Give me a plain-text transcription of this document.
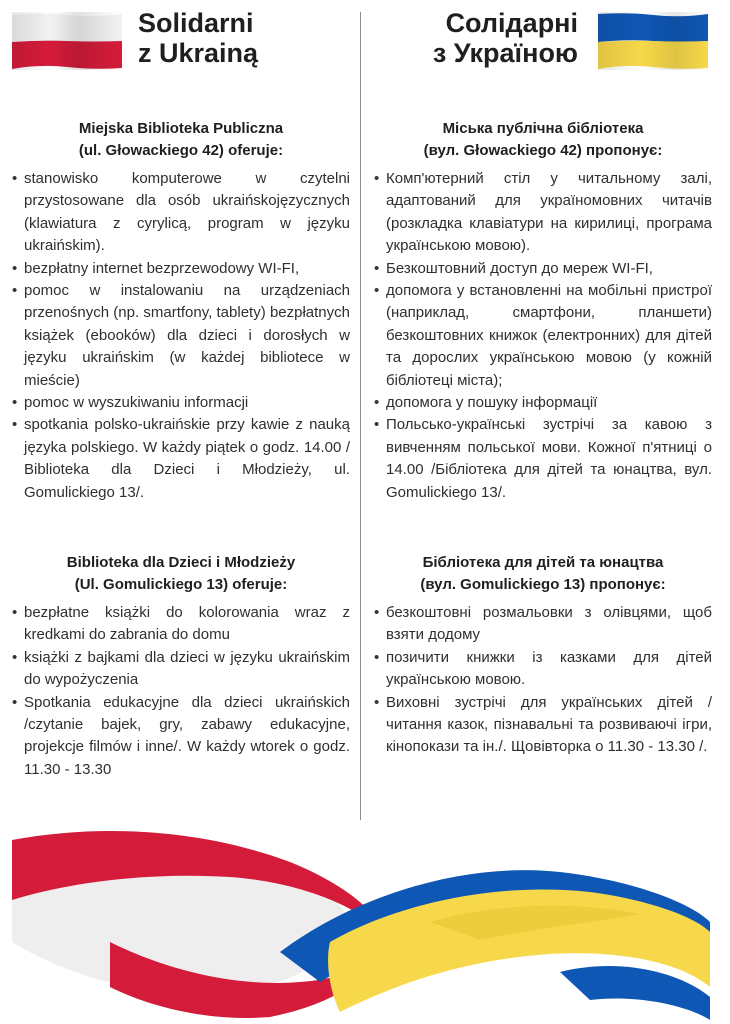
Solidarni
z Ukrainą
Солідарні
з Україною
Miejska Biblioteka Publiczna
(ul. Głowackiego 42) oferuje:
• stanowisko komputerowe w czytelni przystosowane dla osób ukraińskojęzycznych (klawiatura z cyrylicą, program w języku ukraińskim).
• bezpłatny internet bezprzewodowy WI-FI,
• pomoc w instalowaniu na urządzeniach przenośnych (np. smartfony, tablety) bezpłatnych książek (ebooków) dla dzieci i dorosłych w języku ukraińskim (w każdej bibliotece w mieście)
• pomoc w wyszukiwaniu informacji
• spotkania polsko-ukraińskie przy kawie z nauką języka polskiego. W każdy piątek o godz. 14.00 / Biblioteka dla Dzieci i Młodzieży, ul. Gomulickiego 13/.
Biblioteka dla Dzieci i Młodzieży
(Ul. Gomulickiego 13) oferuje:
• bezpłatne książki do kolorowania wraz z kredkami do zabrania do domu
• książki z bajkami dla dzieci w języku ukraińskim do wypożyczenia
• Spotkania edukacyjne dla dzieci ukraińskich /czytanie bajek, gry, zabawy edukacyjne, projekcje filmów i inne/. W każdy wtorek o godz. 11.30 - 13.30
Міська публічна бібліотека
(вул. Głowackiego 42) пропонує:
• Комп'ютерний стіл у читальному залі, адаптований для україномовних читачів (розкладка клавіатури на кирилиці, програма українською мовою).
• Безкоштовний доступ до мереж WI-FI,
• допомога у встановленні на мобільні пристрої (наприклад, смартфони, планшети) безкоштовних книжок (електронних) для дітей та дорослих українською мовою (у кожній бібліотеці міста);
• допомога у пошуку інформації
• Польсько-українські зустрічі за кавою з вивченням польської мови. Кожної п'ятниці о 14.00 /Бібліотека для дітей та юнацтва, вул. Gomulickiego 13/.
Бібліотека для дітей та юнацтва
(вул. Gomulickiego 13) пропонує:
• безкоштовні розмальовки з олівцями, щоб взяти додому
• позичити книжки із казками для дітей українською мовою.
• Виховні зустрічі для українських дітей /читання казок, пізнавальні та розвиваючі ігри, кінопокази та ін./. Щовівторка о 11.30 - 13.30 /.
